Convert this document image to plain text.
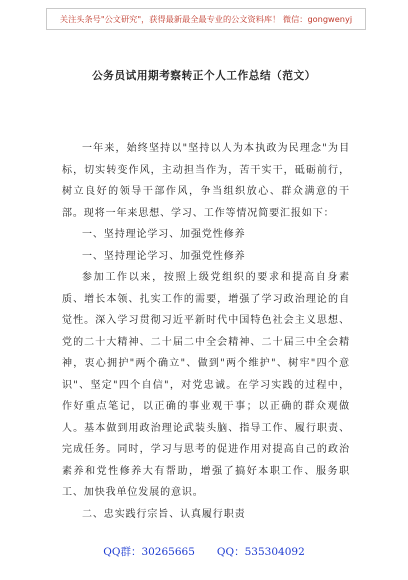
关注头条号"公文研究"，获得最新最全最专业的公文资料库！ 微信：gongwenyj
公务员试用期考察转正个人工作总结（范文）

一年来，始终坚持以"坚持以人为本执政为民理念"为目标，切实转变作风，主动担当作为，苦干实干，砥砺前行，树立良好的领导干部作风，争当组织放心、群众满意的干部。现将一年来思想、学习、工作等情况简要汇报如下：

一、坚持理论学习、加强党性修养

一、坚持理论学习、加强党性修养

参加工作以来，按照上级党组织的要求和提高自身素质、增长本领、扎实工作的需要，增强了学习政治理论的自觉性。深入学习贯彻习近平新时代中国特色社会主义思想、党的二十大精神、二十届二中全会精神、二十届三中全会精神，衷心拥护"两个确立"、做到"两个维护"、树牢"四个意识"、坚定"四个自信"，对党忠诚。在学习实践的过程中，作好重点笔记，以正确的事业观干事；以正确的群众观做人。基本做到用政治理论武装头脑、指导工作、履行职责、完成任务。同时，学习与思考的促进作用对提高自己的政治素养和党性修养大有帮助，增强了搞好本职工作、服务职工、加快我单位发展的意识。

二、忠实践行宗旨、认真履行职责

QQ群：30265665 QQ：535304092
